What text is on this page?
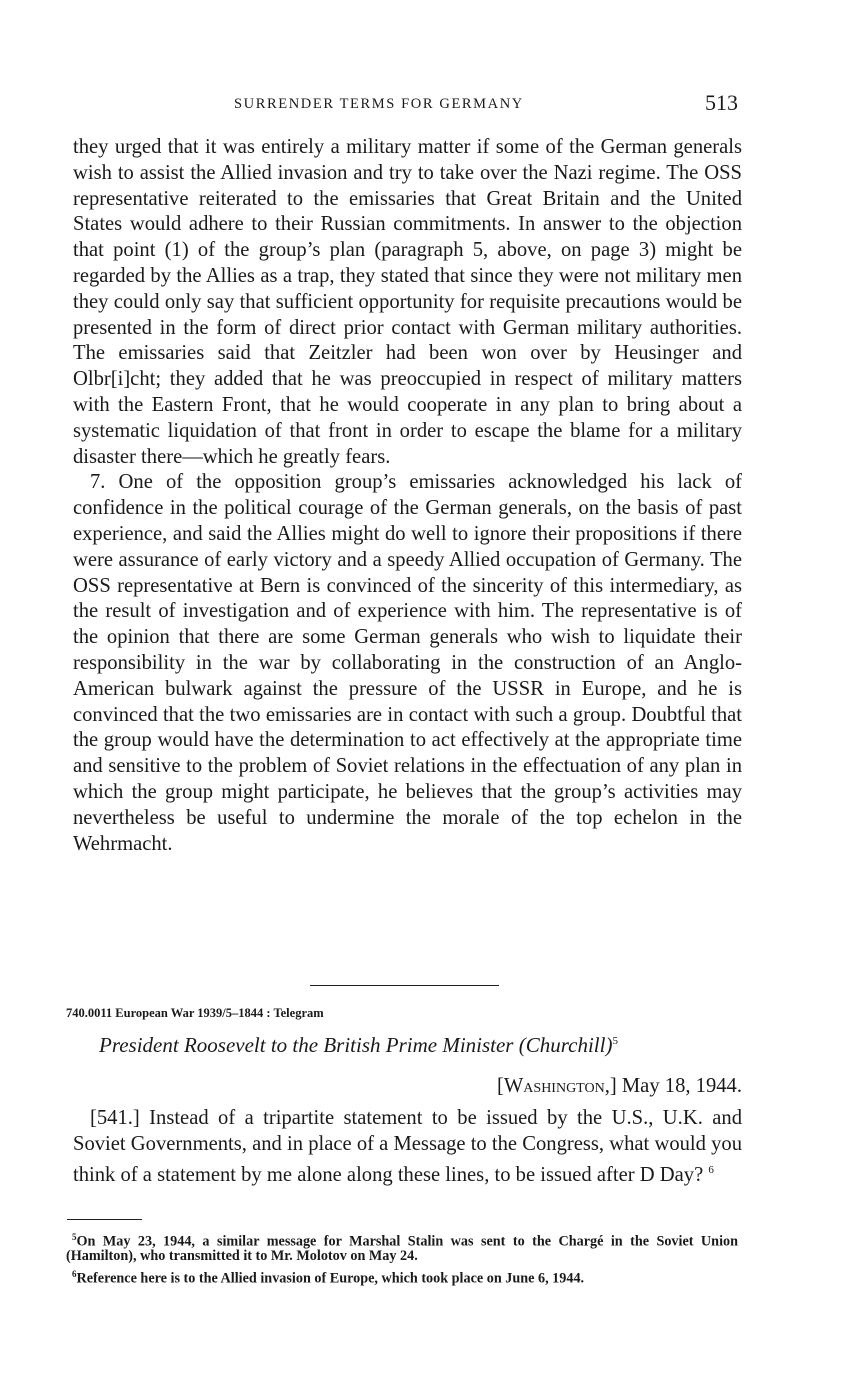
SURRENDER TERMS FOR GERMANY	513

they urged that it was entirely a military matter if some of the German generals wish to assist the Allied invasion and try to take over the Nazi regime. The OSS representative reiterated to the emissaries that Great Britain and the United States would adhere to their Russian commitments. In answer to the objection that point (1) of the group’s plan (paragraph 5, above, on page 3) might be regarded by the Allies as a trap, they stated that since they were not military men they could only say that sufficient opportunity for requisite precautions would be presented in the form of direct prior contact with German military authorities. The emissaries said that Zeitzler had been won over by Heusinger and Olbr[i]cht; they added that he was preoccupied in respect of military matters with the Eastern Front, that he would cooperate in any plan to bring about a systematic liquidation of that front in order to escape the blame for a military disaster there—which he greatly fears.

7. One of the opposition group’s emissaries acknowledged his lack of confidence in the political courage of the German generals, on the basis of past experience, and said the Allies might do well to ignore their propositions if there were assurance of early victory and a speedy Allied occupation of Germany. The OSS representative at Bern is convinced of the sincerity of this intermediary, as the result of investigation and of experience with him. The representative is of the opinion that there are some German generals who wish to liquidate their responsibility in the war by collaborating in the construction of an Anglo-American bulwark against the pressure of the USSR in Europe, and he is convinced that the two emissaries are in contact with such a group. Doubtful that the group would have the determination to act effectively at the appropriate time and sensitive to the problem of Soviet relations in the effectuation of any plan in which the group might participate, he believes that the group’s activities may nevertheless be useful to undermine the morale of the top echelon in the Wehrmacht.

740.0011 European War 1939/5–1844 : Telegram
President Roosevelt to the British Prime Minister (Churchill)$^5$
[Washington,] May 18, 1944.

[541.] Instead of a tripartite statement to be issued by the U.S., U.K. and Soviet Governments, and in place of a Message to the Congress, what would you think of a statement by me alone along these lines, to be issued after D Day? $^6$

$^5$On May 23, 1944, a similar message for Marshal Stalin was sent to the Chargé in the Soviet Union (Hamilton), who transmitted it to Mr. Molotov on May 24.

$^6$Reference here is to the Allied invasion of Europe, which took place on June 6, 1944.
